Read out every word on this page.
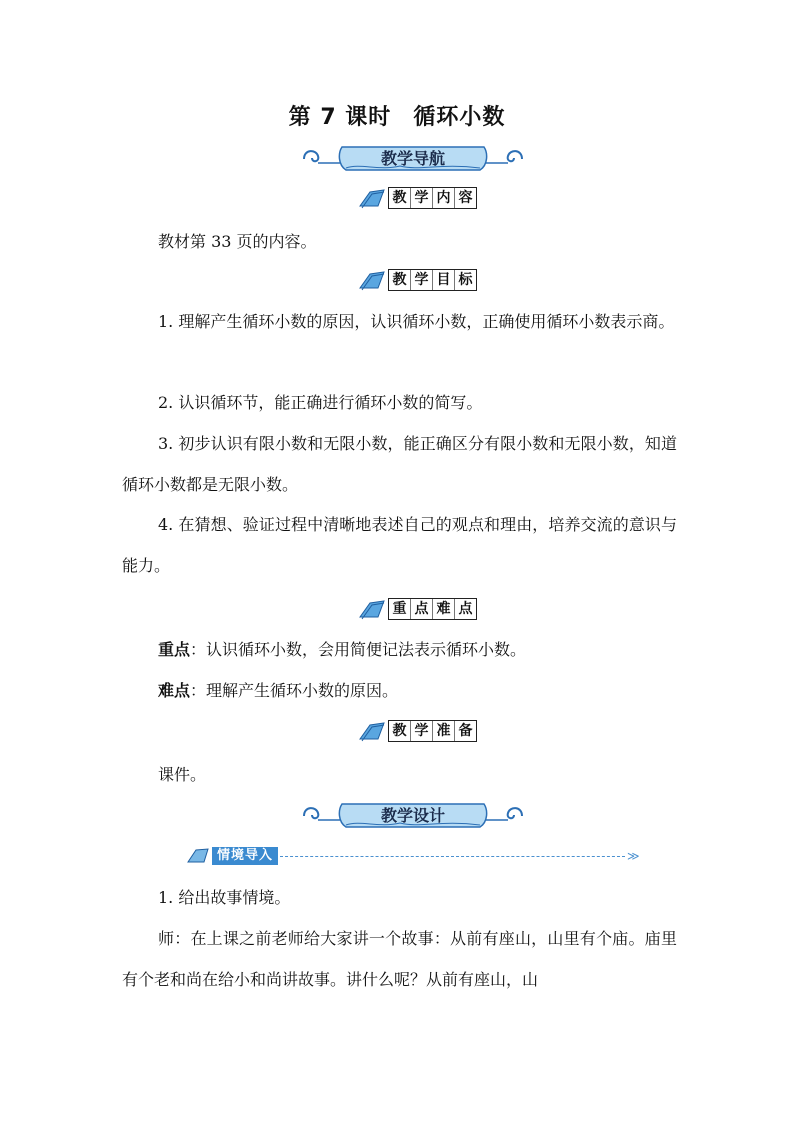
第 7 课时 循环小数
教学导航
教 学 内 容
教材第 33 页的内容。
教 学 目 标
1. 理解产生循环小数的原因，认识循环小数，正确使用循环小数表示商。
2. 认识循环节，能正确进行循环小数的简写。
3. 初步认识有限小数和无限小数，能正确区分有限小数和无限小数，知道循环小数都是无限小数。
4. 在猜想、验证过程中清晰地表述自己的观点和理由，培养交流的意识与能力。
重 点 难 点
重点：认识循环小数，会用简便记法表示循环小数。
难点：理解产生循环小数的原因。
教 学 准 备
课件。
教学设计
情境导入	≫
1. 给出故事情境。
师：在上课之前老师给大家讲一个故事：从前有座山，山里有个庙。庙里有个老和尚在给小和尚讲故事。讲什么呢？从前有座山，山
